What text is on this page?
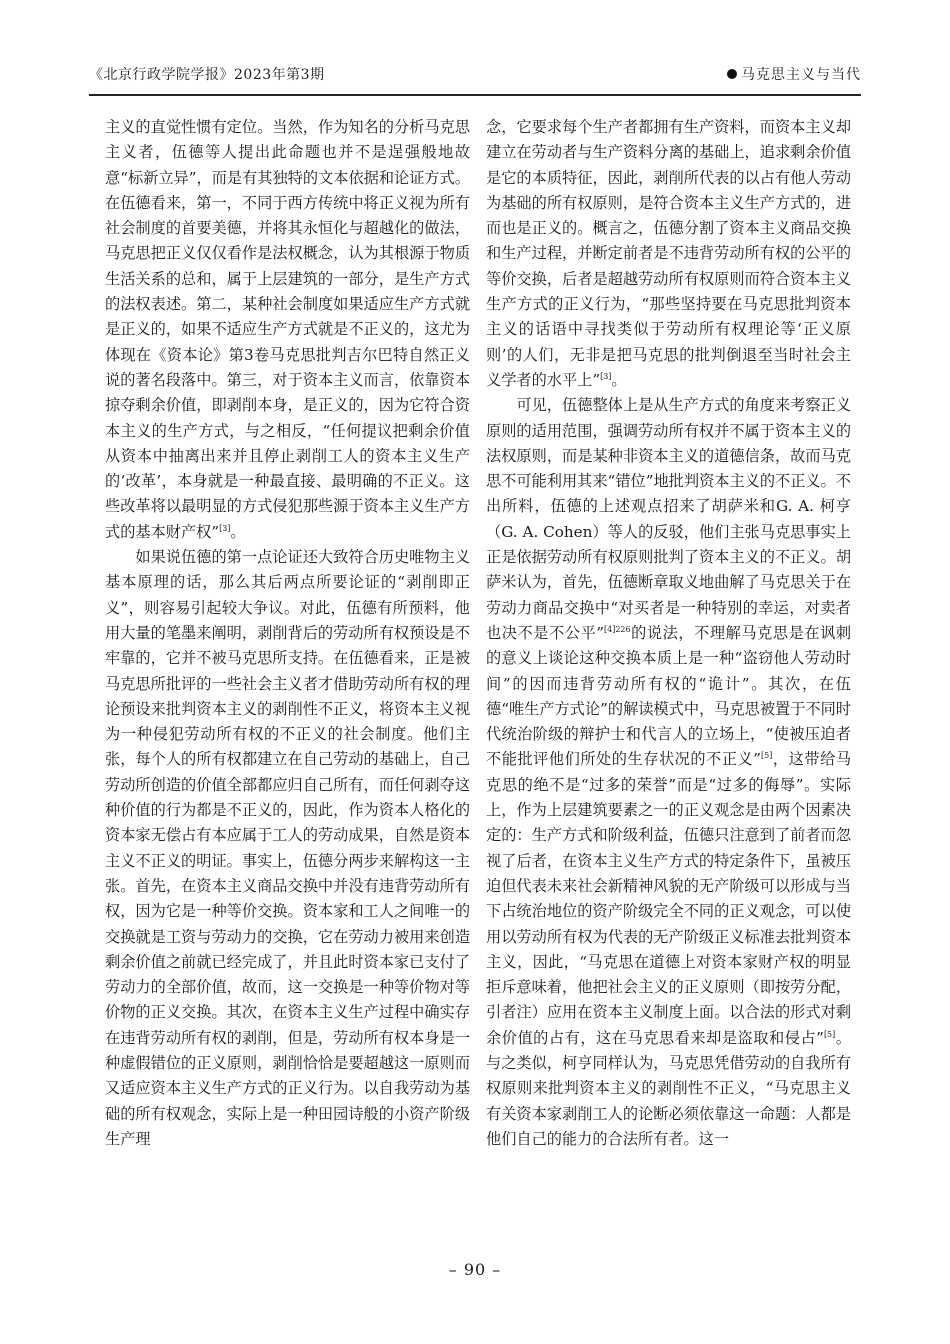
《北京行政学院学报》2023年第3期	马克思主义与当代

主义的直觉性惯有定位。当然，作为知名的分析马克思主义者，伍德等人提出此命题也并不是逞强般地故意“标新立异”，而是有其独特的文本依据和论证方式。在伍德看来，第一，不同于西方传统中将正义视为所有社会制度的首要美德，并将其永恒化与超越化的做法，马克思把正义仅仅看作是法权概念，认为其根源于物质生活关系的总和，属于上层建筑的一部分，是生产方式的法权表述。第二，某种社会制度如果适应生产方式就是正义的，如果不适应生产方式就是不正义的，这尤为体现在《资本论》第3卷马克思批判吉尔巴特自然正义说的著名段落中。第三，对于资本主义而言，依靠资本掠夺剩余价值，即剥削本身，是正义的，因为它符合资本主义的生产方式，与之相反，“任何提议把剩余价值从资本中抽离出来并且停止剥削工人的资本主义生产的‘改革’，本身就是一种最直接、最明确的不正义。这些改革将以最明显的方式侵犯那些源于资本主义生产方式的基本财产权”[3]。

如果说伍德的第一点论证还大致符合历史唯物主义基本原理的话，那么其后两点所要论证的“剥削即正义”，则容易引起较大争议。对此，伍德有所预料，他用大量的笔墨来阐明，剥削背后的劳动所有权预设是不牢靠的，它并不被马克思所支持。在伍德看来，正是被马克思所批评的一些社会主义者才借助劳动所有权的理论预设来批判资本主义的剥削性不正义，将资本主义视为一种侵犯劳动所有权的不正义的社会制度。他们主张，每个人的所有权都建立在自己劳动的基础上，自己劳动所创造的价值全部都应归自己所有，而任何剥夺这种价值的行为都是不正义的，因此，作为资本人格化的资本家无偿占有本应属于工人的劳动成果，自然是资本主义不正义的明证。事实上，伍德分两步来解构这一主张。首先，在资本主义商品交换中并没有违背劳动所有权，因为它是一种等价交换。资本家和工人之间唯一的交换就是工资与劳动力的交换，它在劳动力被用来创造剩余价值之前就已经完成了，并且此时资本家已支付了劳动力的全部价值，故而，这一交换是一种等价物对等价物的正义交换。其次，在资本主义生产过程中确实存在违背劳动所有权的剥削，但是，劳动所有权本身是一种虚假错位的正义原则，剥削恰恰是要超越这一原则而又适应资本主义生产方式的正义行为。以自我劳动为基础的所有权观念，实际上是一种田园诗般的小资产阶级生产理

念，它要求每个生产者都拥有生产资料，而资本主义却建立在劳动者与生产资料分离的基础上，追求剩余价值是它的本质特征，因此，剥削所代表的以占有他人劳动为基础的所有权原则，是符合资本主义生产方式的，进而也是正义的。概言之，伍德分割了资本主义商品交换和生产过程，并断定前者是不违背劳动所有权的公平的等价交换，后者是超越劳动所有权原则而符合资本主义生产方式的正义行为，“那些坚持要在马克思批判资本主义的话语中寻找类似于劳动所有权理论等‘正义原则’的人们，无非是把马克思的批判倒退至当时社会主义学者的水平上”[3]。

可见，伍德整体上是从生产方式的角度来考察正义原则的适用范围，强调劳动所有权并不属于资本主义的法权原则，而是某种非资本主义的道德信条，故而马克思不可能利用其来“错位”地批判资本主义的不正义。不出所料，伍德的上述观点招来了胡萨米和G. A. 柯亨（G. A. Cohen）等人的反驳，他们主张马克思事实上正是依据劳动所有权原则批判了资本主义的不正义。胡萨米认为，首先，伍德断章取义地曲解了马克思关于在劳动力商品交换中“对买者是一种特别的幸运，对卖者也决不是不公平”$^{[4]226}$的说法，不理解马克思是在讽刺的意义上谈论这种交换本质上是一种“盗窃他人劳动时间”的因而违背劳动所有权的“诡计”。其次，在伍德“唯生产方式论”的解读模式中，马克思被置于不同时代统治阶级的辩护士和代言人的立场上，“使被压迫者不能批评他们所处的生存状况的不正义”[5]，这带给马克思的绝不是“过多的荣誉”而是“过多的侮辱”。实际上，作为上层建筑要素之一的正义观念是由两个因素决定的：生产方式和阶级利益，伍德只注意到了前者而忽视了后者，在资本主义生产方式的特定条件下，虽被压迫但代表未来社会新精神风貌的无产阶级可以形成与当下占统治地位的资产阶级完全不同的正义观念，可以使用以劳动所有权为代表的无产阶级正义标准去批判资本主义，因此，“马克思在道德上对资本家财产权的明显拒斥意味着，他把社会主义的正义原则（即按劳分配，引者注）应用在资本主义制度上面。以合法的形式对剩余价值的占有，这在马克思看来却是盗取和侵占”[5]。与之类似，柯亨同样认为，马克思凭借劳动的自我所有权原则来批判资本主义的剥削性不正义，“马克思主义有关资本家剥削工人的论断必须依靠这一命题：人都是他们自己的能力的合法所有者。这一

– 90 –
